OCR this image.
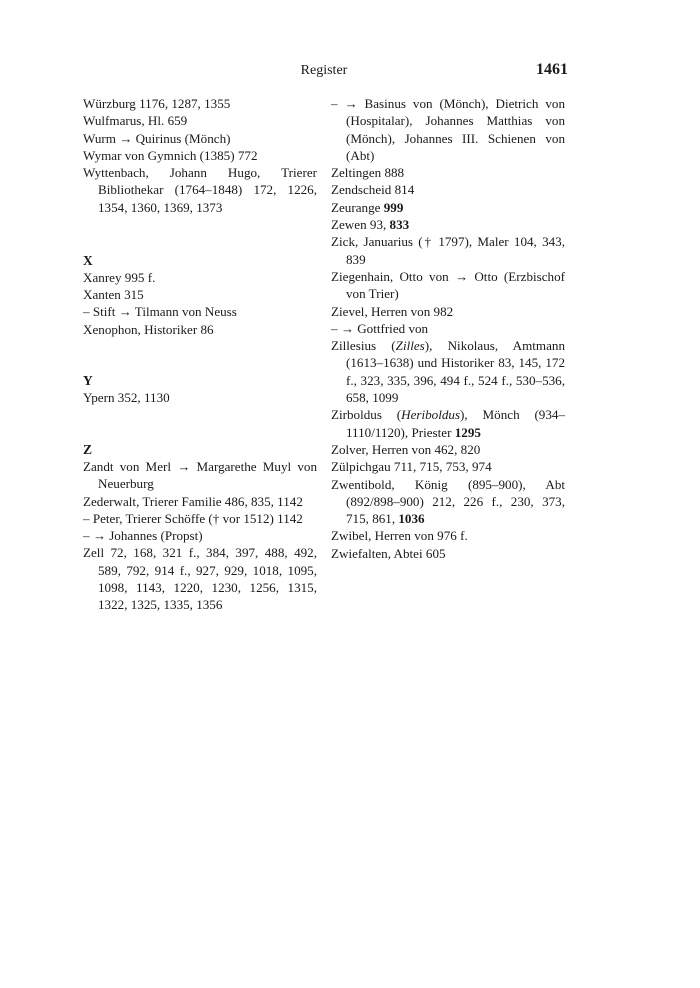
Register	1461

Würzburg 1176, 1287, 1355

Wulfmarus, Hl. 659

Wurm → Quirinus (Mönch)

Wymar von Gymnich (1385) 772

Wyttenbach, Johann Hugo, Trierer Bibliothekar (1764–1848) 172, 1226, 1354, 1360, 1369, 1373

X

Xanrey 995 f.

Xanten 315

– Stift → Tilmann von Neuss

Xenophon, Historiker 86

Y

Ypern 352, 1130

Z

Zandt von Merl → Margarethe Muyl von Neuerburg

Zederwalt, Trierer Familie 486, 835, 1142

– Peter, Trierer Schöffe († vor 1512) 1142

– → Johannes (Propst)

Zell 72, 168, 321 f., 384, 397, 488, 492, 589, 792, 914 f., 927, 929, 1018, 1095, 1098, 1143, 1220, 1230, 1256, 1315, 1322, 1325, 1335, 1356

– → Basinus von (Mönch), Dietrich von (Hospitalar), Johannes Matthias von (Mönch), Johannes III. Schienen von (Abt)

Zeltingen 888

Zendscheid 814

Zeurange 999

Zewen 93, 833

Zick, Januarius († 1797), Maler 104, 343, 839

Ziegenhain, Otto von → Otto (Erzbischof von Trier)

Zievel, Herren von 982

– → Gottfried von

Zillesius (Zilles), Nikolaus, Amtmann (1613–1638) und Historiker 83, 145, 172 f., 323, 335, 396, 494 f., 524 f., 530–536, 658, 1099

Zirboldus (Heriboldus), Mönch (934–1110/1120), Priester 1295

Zolver, Herren von 462, 820

Zülpichgau 711, 715, 753, 974

Zwentibold, König (895–900), Abt (892/898–900) 212, 226 f., 230, 373, 715, 861, 1036

Zwibel, Herren von 976 f.

Zwiefalten, Abtei 605
